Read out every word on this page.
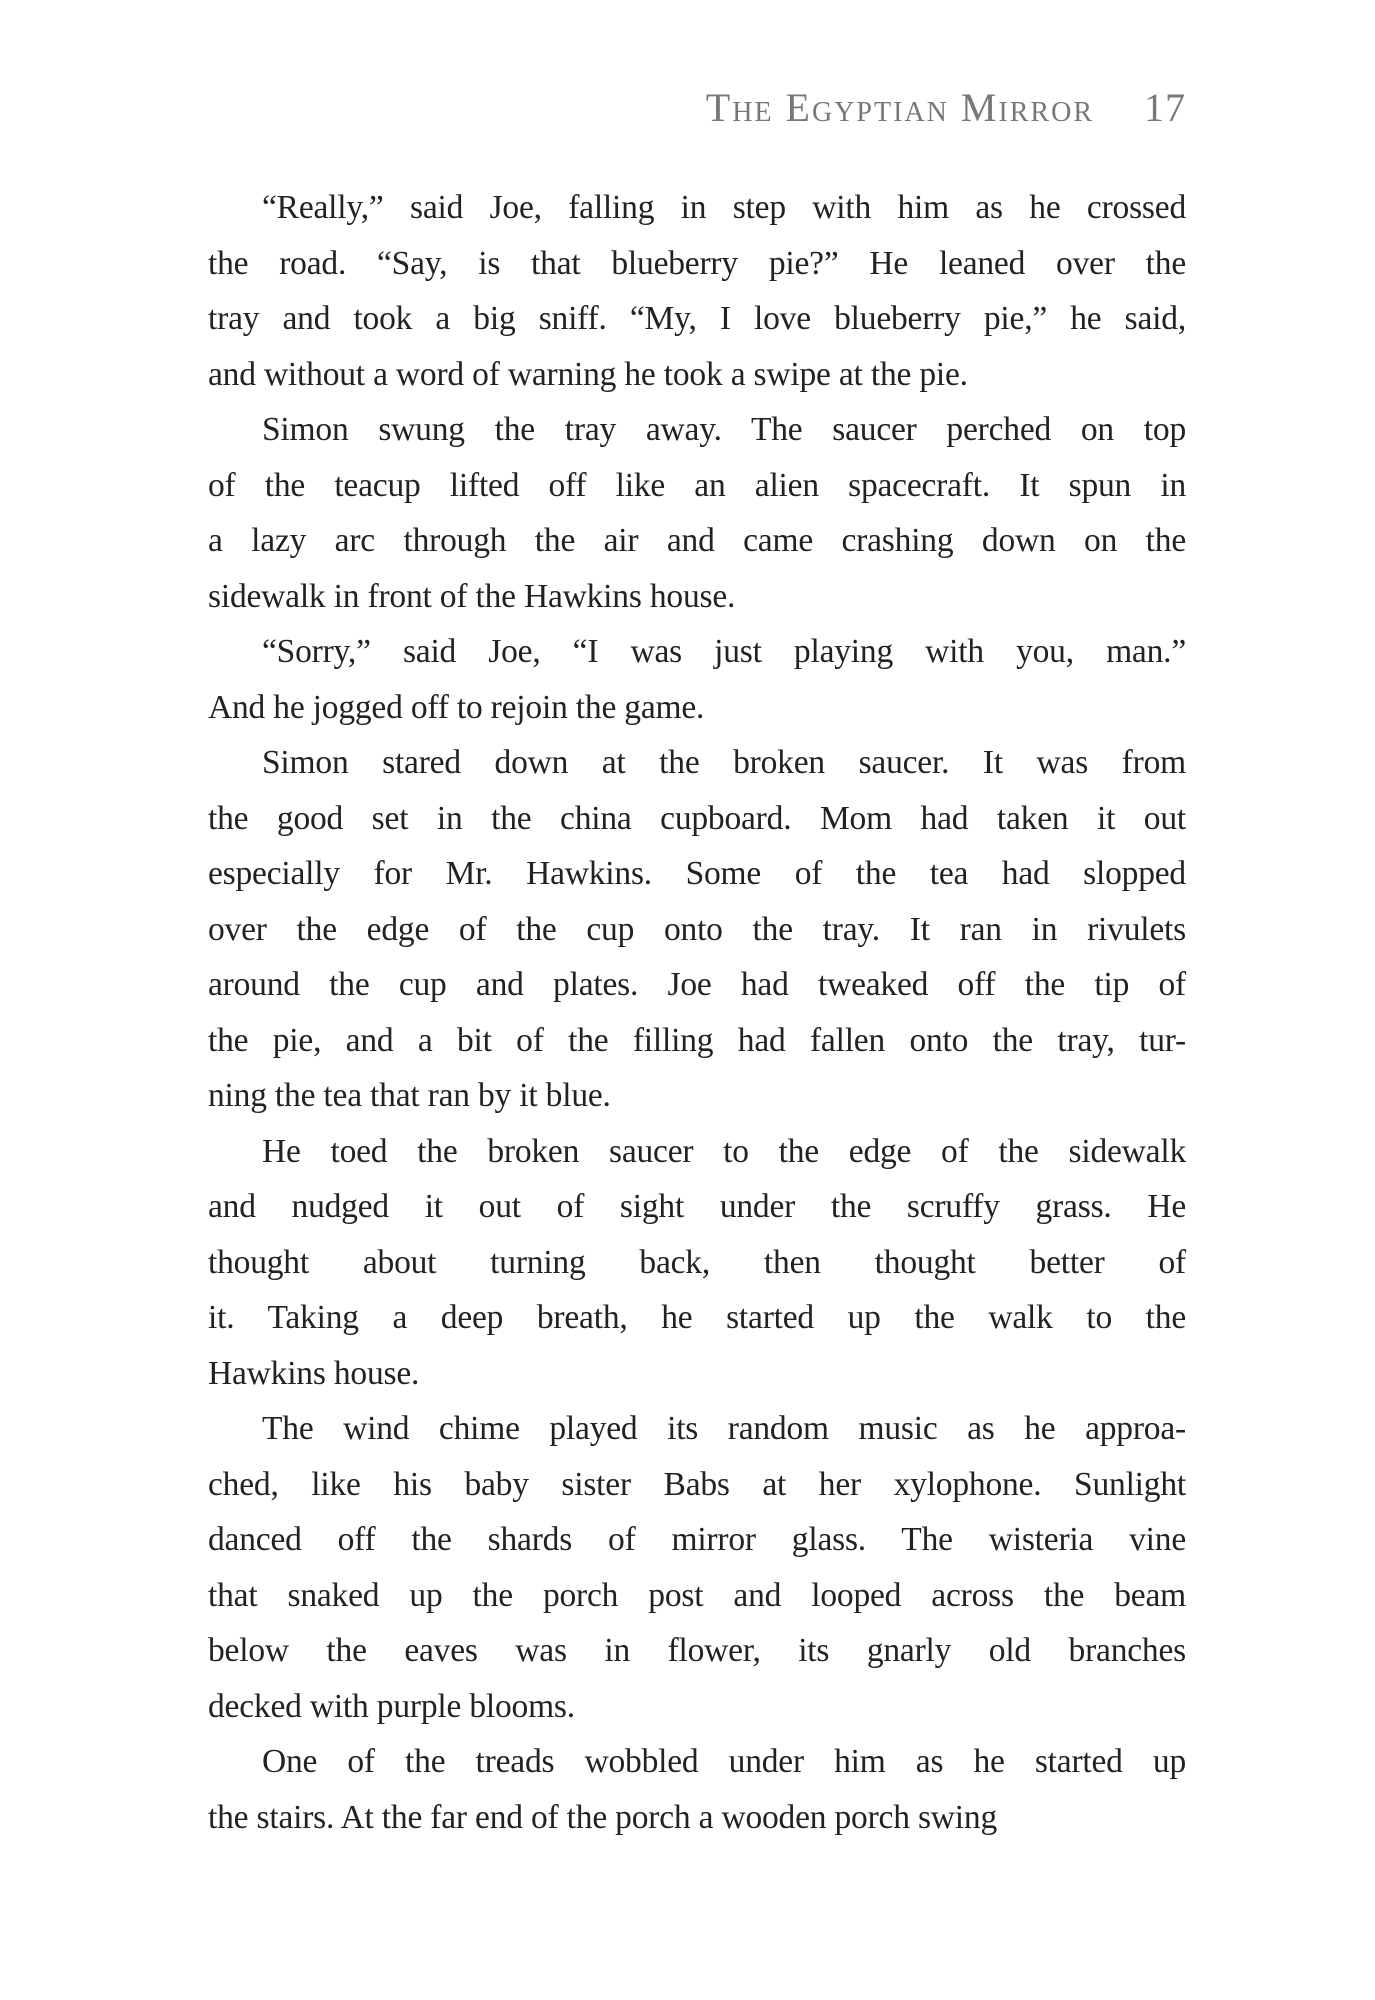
The Egyptian Mirror 17
“Really,” said Joe, falling in step with him as he crossed
the road. “Say, is that blueberry pie?” He leaned over the
tray and took a big sniff. “My, I love blueberry pie,” he said,
and without a word of warning he took a swipe at the pie.
Simon swung the tray away. The saucer perched on top
of the teacup lifted off like an alien spacecraft. It spun in
a lazy arc through the air and came crashing down on the
sidewalk in front of the Hawkins house.
“Sorry,” said Joe, “I was just playing with you, man.”
And he jogged off to rejoin the game.
Simon stared down at the broken saucer. It was from
the good set in the china cupboard. Mom had taken it out
especially for Mr. Hawkins. Some of the tea had slopped
over the edge of the cup onto the tray. It ran in rivulets
around the cup and plates. Joe had tweaked off the tip of
the pie, and a bit of the filling had fallen onto the tray, tur-
ning the tea that ran by it blue.
He toed the broken saucer to the edge of the sidewalk
and nudged it out of sight under the scruffy grass. He
thought about turning back, then thought better of
it. Taking a deep breath, he started up the walk to the
Hawkins house.
The wind chime played its random music as he approa-
ched, like his baby sister Babs at her xylophone. Sunlight
danced off the shards of mirror glass. The wisteria vine
that snaked up the porch post and looped across the beam
below the eaves was in flower, its gnarly old branches
decked with purple blooms.
One of the treads wobbled under him as he started up
the stairs. At the far end of the porch a wooden porch swing
